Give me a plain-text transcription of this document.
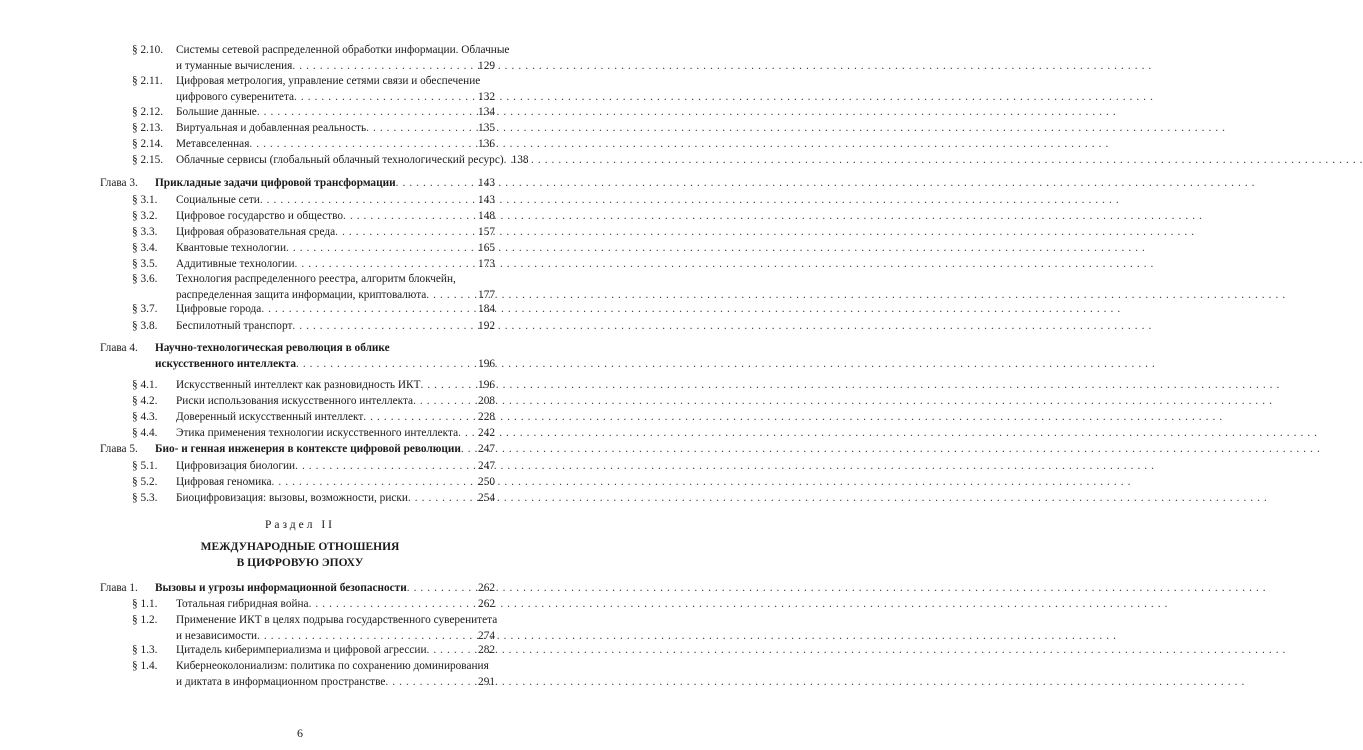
§ 2.10.	Системы сетевой распределенной обработки информации. Облачные
и туманные вычисления . . .	129
§ 2.11.	Цифровая метрология, управление сетями связи и обеспечение
цифрового суверенитета . . .	132
§ 2.12.	Большие данные . . .	134
§ 2.13.	Виртуальная и добавленная реальность . . .	135
§ 2.14.	Метавселенная . . .	136
§ 2.15.	Облачные сервисы (глобальный облачный технологический ресурс) . . . 138
Глава 3.	Прикладные задачи цифровой трансформации . . .	143
§ 3.1.	Социальные сети . . .	143
§ 3.2.	Цифровое государство и общество . . .	148
§ 3.3.	Цифровая образовательная среда . . .	157
§ 3.4.	Квантовые технологии . . .	165
§ 3.5.	Аддитивные технологии . . .	173
§ 3.6.	Технология распределенного реестра, алгоритм блокчейн,
распределенная защита информации, криптовалюта . . .	177
§ 3.7.	Цифровые города . . .	184
§ 3.8.	Беспилотный транспорт . . .	192
Глава 4.	Научно-технологическая революция в облике
искусственного интеллекта . . .	196
§ 4.1.	Искусственный интеллект как разновидность ИКТ . . .	196
§ 4.2.	Риски использования искусственного интеллекта . . .	208
§ 4.3.	Доверенный искусственный интеллект . . .	228
§ 4.4.	Этика применения технологии искусственного интеллекта . . . 242
Глава 5.	Био- и генная инженерия в контексте цифровой революции . . . 247
§ 5.1.	Цифровизация биологии . . .	247
§ 5.2.	Цифровая геномика . . .	250
§ 5.3.	Биоцифровизация: вызовы, возможности, риски . . .	254
Раздел II
МЕЖДУНАРОДНЫЕ ОТНОШЕНИЯ
В ЦИФРОВУЮ ЭПОХУ
Глава 1.	Вызовы и угрозы информационной безопасности . . .	262
§ 1.1.	Тотальная гибридная война . . .	262
§ 1.2.	Применение ИКТ в целях подрыва государственного суверенитета
и независимости . . .	274
§ 1.3.	Цитадель киберимпериализма и цифровой агрессии . . .	282
§ 1.4.	Кибернеоколониализм: политика по сохранению доминирования
и диктата в информационном пространстве . . .	291
6
